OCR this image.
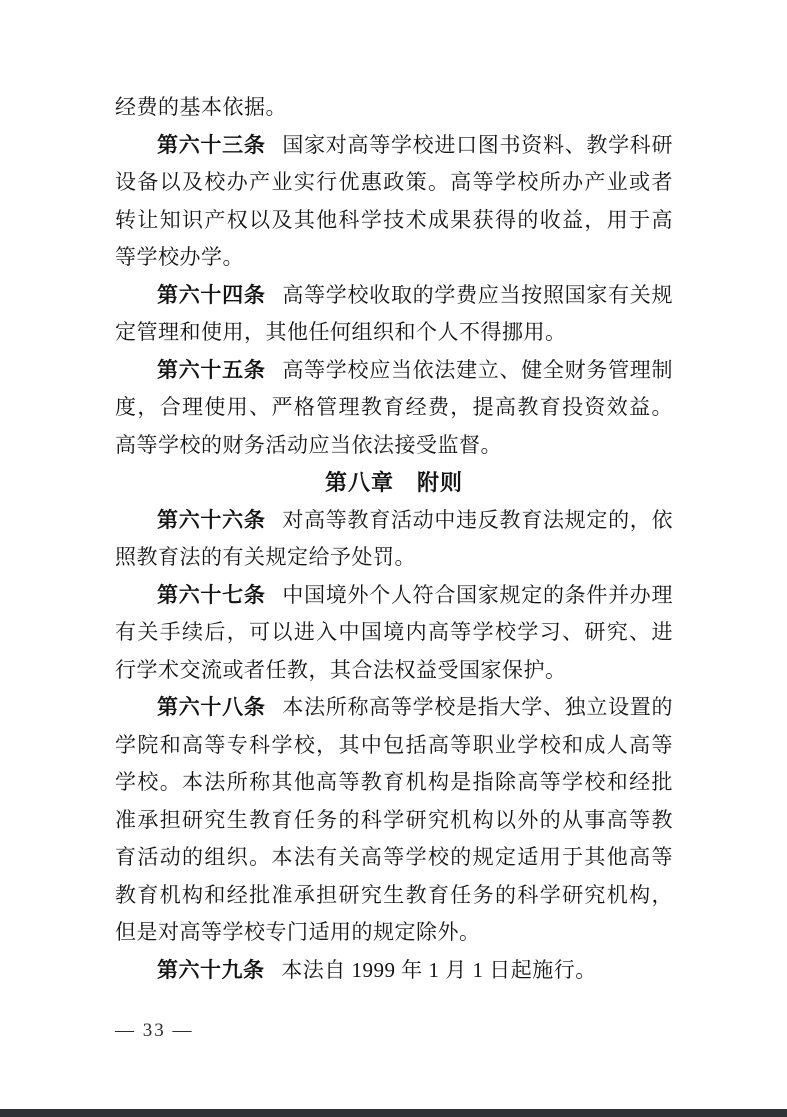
经费的基本依据。

第六十三条 国家对高等学校进口图书资料、教学科研设备以及校办产业实行优惠政策。高等学校所办产业或者转让知识产权以及其他科学技术成果获得的收益，用于高等学校办学。

第六十四条 高等学校收取的学费应当按照国家有关规定管理和使用，其他任何组织和个人不得挪用。

第六十五条 高等学校应当依法建立、健全财务管理制度，合理使用、严格管理教育经费，提高教育投资效益。高等学校的财务活动应当依法接受监督。

第八章　附则

第六十六条 对高等教育活动中违反教育法规定的，依照教育法的有关规定给予处罚。

第六十七条 中国境外个人符合国家规定的条件并办理有关手续后，可以进入中国境内高等学校学习、研究、进行学术交流或者任教，其合法权益受国家保护。

第六十八条 本法所称高等学校是指大学、独立设置的学院和高等专科学校，其中包括高等职业学校和成人高等学校。本法所称其他高等教育机构是指除高等学校和经批准承担研究生教育任务的科学研究机构以外的从事高等教育活动的组织。本法有关高等学校的规定适用于其他高等教育机构和经批准承担研究生教育任务的科学研究机构，但是对高等学校专门适用的规定除外。

第六十九条 本法自 1999 年 1 月 1 日起施行。

— 33 —
